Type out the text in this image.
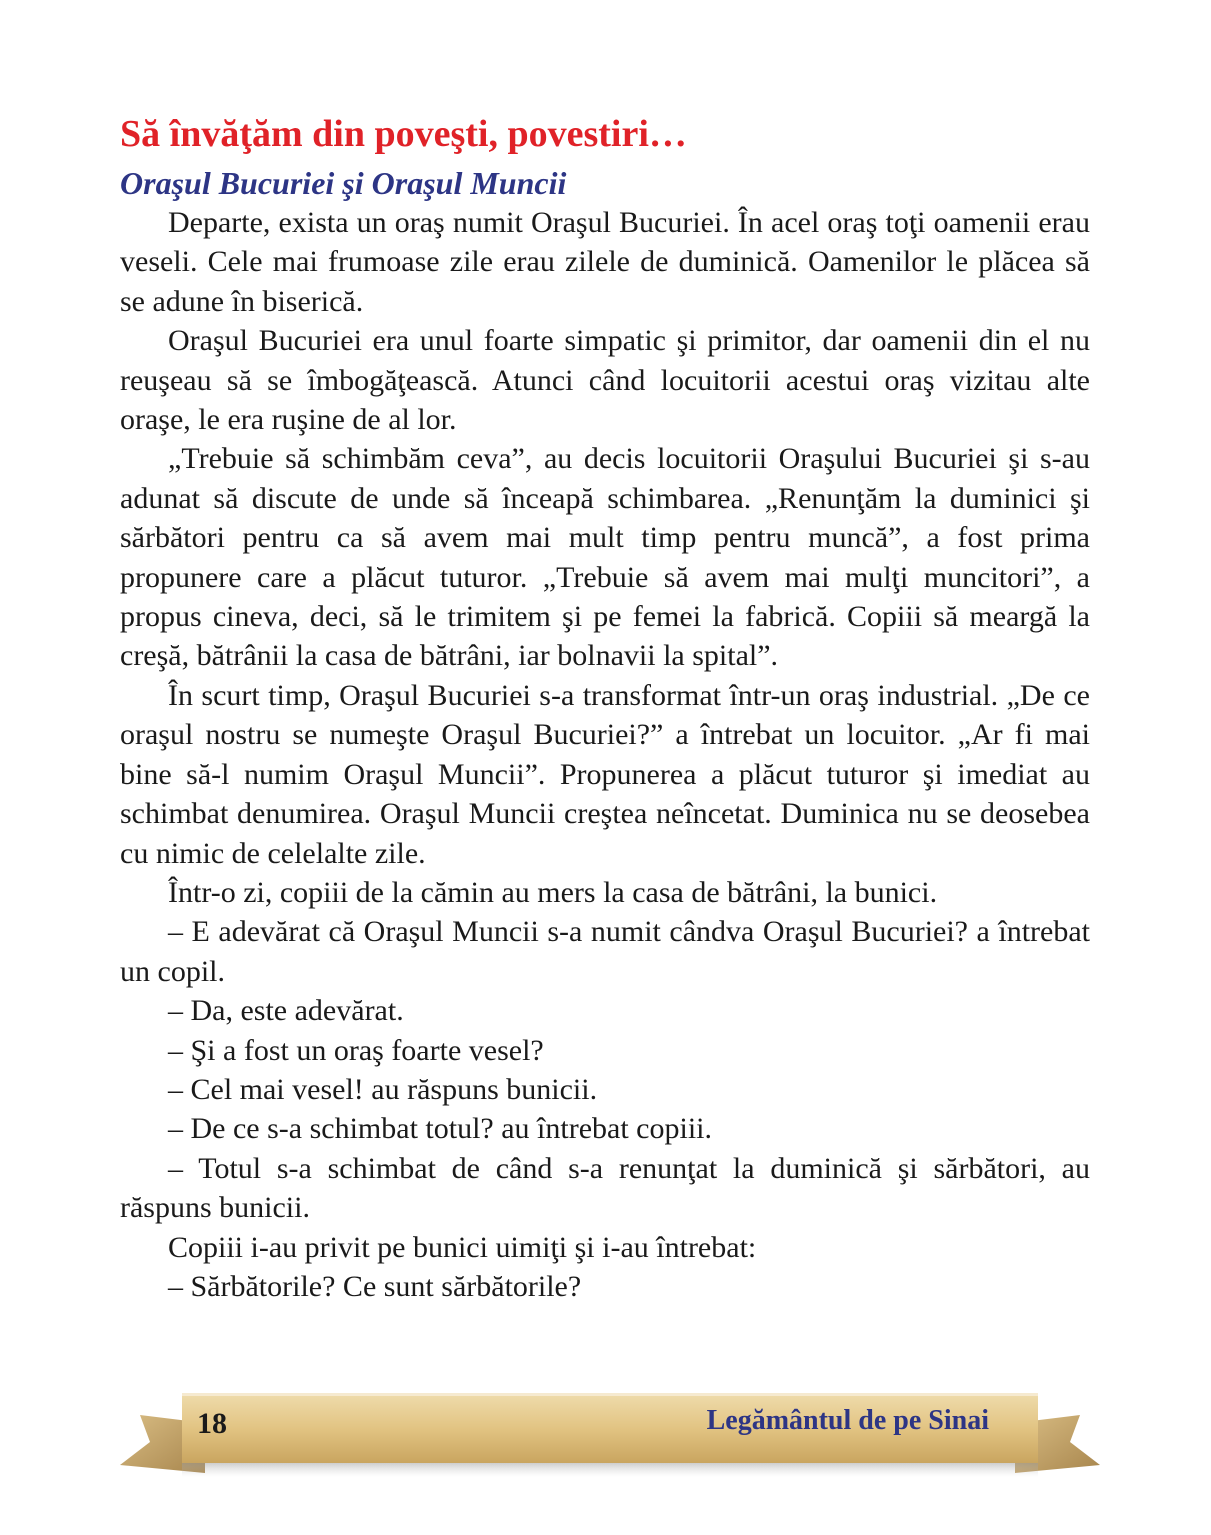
Să învăţăm din poveşti, povestiri…
Oraşul Bucuriei şi Oraşul Muncii

Departe, exista un oraş numit Oraşul Bucuriei. În acel oraş toţi oamenii erau veseli. Cele mai frumoase zile erau zilele de duminică. Oamenilor le plăcea să se adune în biserică.

Oraşul Bucuriei era unul foarte simpatic şi primitor, dar oamenii din el nu reuşeau să se îmbogăţească. Atunci când locuitorii acestui oraş vizitau alte oraşe, le era ruşine de al lor.

„Trebuie să schimbăm ceva”, au decis locuitorii Oraşului Bucuriei şi s-au adunat să discute de unde să înceapă schimbarea. „Renunţăm la duminici şi sărbători pentru ca să avem mai mult timp pentru muncă”, a fost prima propunere care a plăcut tuturor. „Trebuie să avem mai mulţi muncitori”, a propus cineva, deci, să le trimitem şi pe femei la fabrică. Copiii să meargă la creşă, bătrânii la casa de bătrâni, iar bolnavii la spital”.

În scurt timp, Oraşul Bucuriei s-a transformat într-un oraş industrial. „De ce oraşul nostru se numeşte Oraşul Bucuriei?” a întrebat un locuitor. „Ar fi mai bine să-l numim Oraşul Muncii”. Propunerea a plăcut tuturor şi imediat au schimbat denumirea. Oraşul Muncii creştea neîncetat. Duminica nu se deosebea cu nimic de celelalte zile.

Într-o zi, copiii de la cămin au mers la casa de bătrâni, la bunici.

– E adevărat că Oraşul Muncii s-a numit cândva Oraşul Bucuriei? a întrebat un copil.

– Da, este adevărat.

– Şi a fost un oraş foarte vesel?

– Cel mai vesel! au răspuns bunicii.

– De ce s-a schimbat totul? au întrebat copiii.

– Totul s-a schimbat de când s-a renunţat la duminică şi sărbători, au răspuns bunicii.

Copiii i-au privit pe bunici uimiţi şi i-au întrebat:

– Sărbătorile? Ce sunt sărbătorile?

18	Legământul de pe Sinai
